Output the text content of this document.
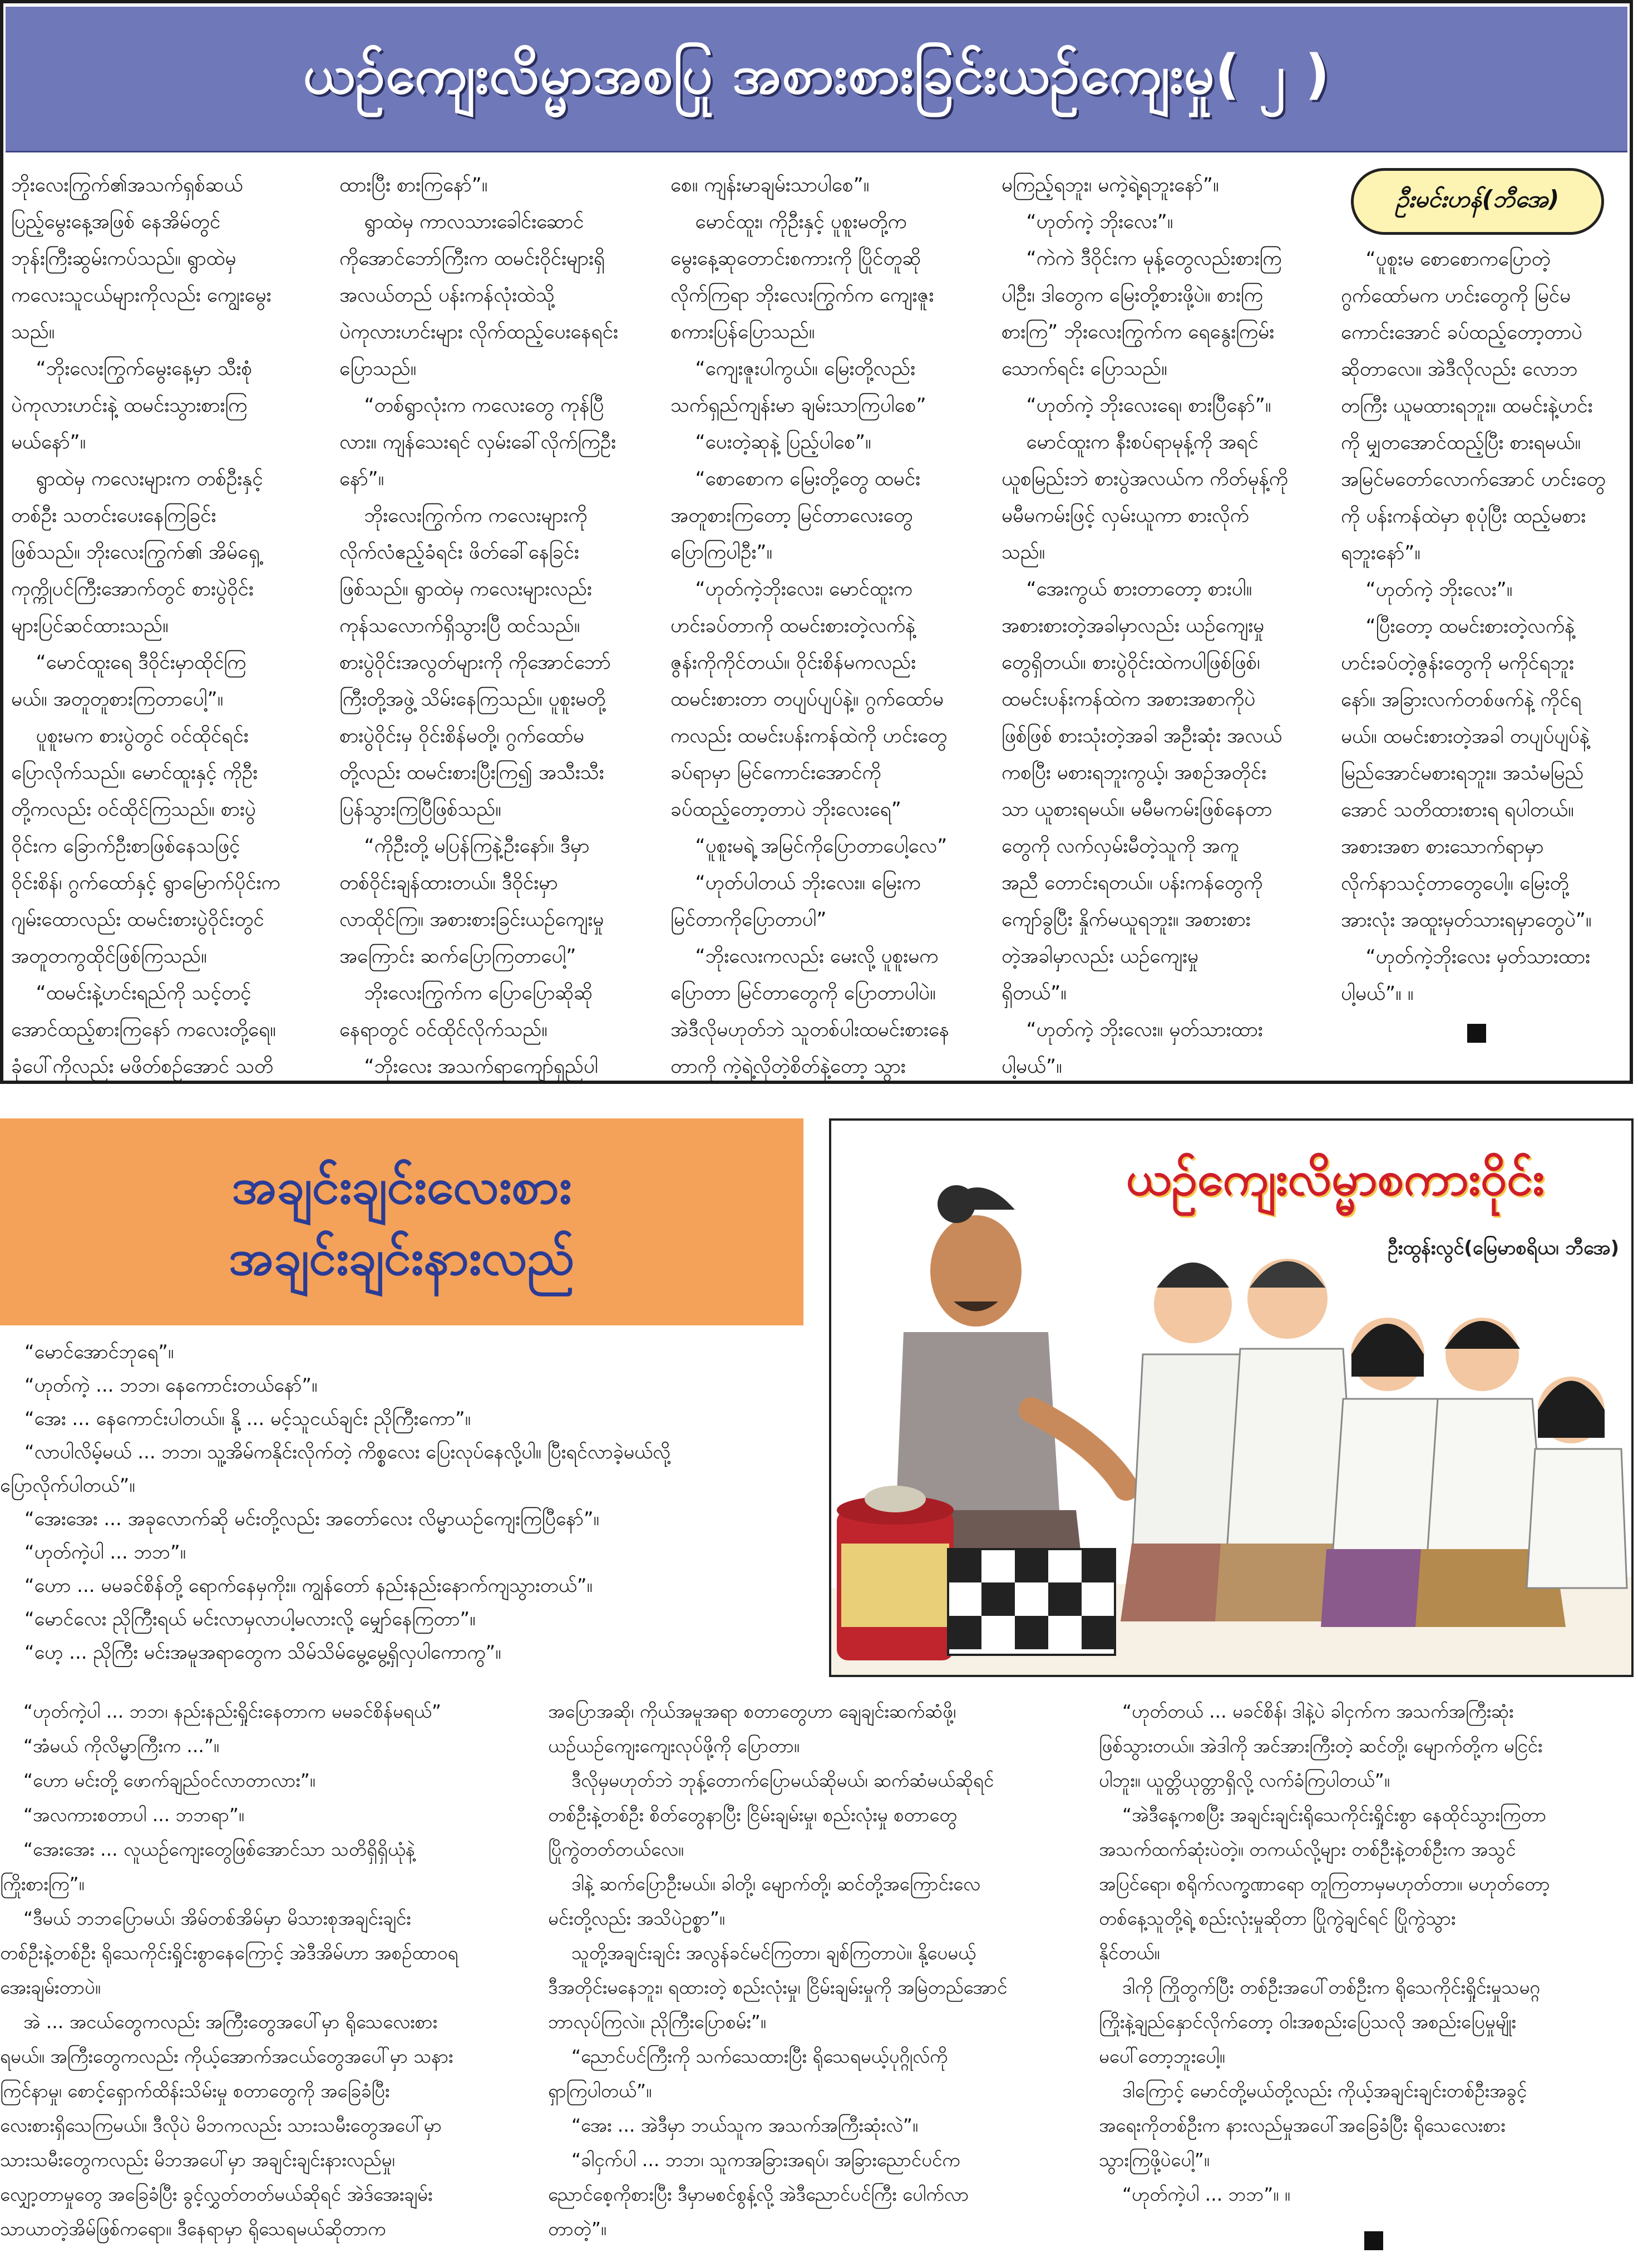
ယဉ်ကျေးလိမ္မာအစပြု အစားစားခြင်းယဉ်ကျေးမှု( ၂ )
ဘိုးလေးကြွက်၏အသက်ရှစ်ဆယ်
ပြည့်မွေးနေ့အဖြစ် နေအိမ်တွင်
ဘုန်းကြီးဆွမ်းကပ်သည်။ ရွာထဲမှ
ကလေးသူငယ်များကိုလည်း ကျွေးမွေး
သည်။
“ဘိုးလေးကြွက်မွေးနေ့မှာ သီးစုံ
ပဲကုလားဟင်းနဲ့ ထမင်းသွားစားကြ
မယ်နော်”။
ရွာထဲမှ ကလေးများက တစ်ဦးနှင့်
တစ်ဦး သတင်းပေးနေကြခြင်း
ဖြစ်သည်။ ဘိုးလေးကြွက်၏ အိမ်ရှေ့
ကုက္ကိုပင်ကြီးအောက်တွင် စားပွဲဝိုင်း
များပြင်ဆင်ထားသည်။
“မောင်ထူးရေ ဒီဝိုင်းမှာထိုင်ကြ
မယ်။ အတူတူစားကြတာပေါ့”။
ပူစူးမက စားပွဲတွင် ဝင်ထိုင်ရင်း
ပြောလိုက်သည်။ မောင်ထူးနှင့် ကိုဦး
တို့ကလည်း ဝင်ထိုင်ကြသည်။ စားပွဲ
ဝိုင်းက ခြောက်ဦးစာဖြစ်နေသဖြင့်
ဝိုင်းစိန်၊ ဂွက်ထော်နှင့် ရွာမြောက်ပိုင်းက
ဂျမ်းထောလည်း ထမင်းစားပွဲဝိုင်းတွင်
အတူတကွထိုင်ဖြစ်ကြသည်။
“ထမင်းနဲ့ဟင်းရည်ကို သင့်တင့်
အောင်ထည့်စားကြနော် ကလေးတို့ရေ။
ခုံပေါ်ကိုလည်း မဖိတ်စဉ်အောင် သတိ
ထားပြီး စားကြနော်”။
ရွာထဲမှ ကာလသားခေါင်းဆောင်
ကိုအောင်ဘော်ကြီးက ထမင်းဝိုင်းများရှိ
အလယ်တည် ပန်းကန်လုံးထဲသို့
ပဲကုလားဟင်းများ လိုက်ထည့်ပေးနေရင်း
ပြောသည်။
“တစ်ရွာလုံးက ကလေးတွေ ကုန်ပြီ
လား။ ကျန်သေးရင် လှမ်းခေါ်လိုက်ကြဦး
နော်”။
ဘိုးလေးကြွက်က ကလေးများကို
လိုက်လံဧည့်ခံရင်း ဖိတ်ခေါ်နေခြင်း
ဖြစ်သည်။ ရွာထဲမှ ကလေးများလည်း
ကုန်သလောက်ရှိသွားပြီ ထင်သည်။
စားပွဲဝိုင်းအလွတ်များကို ကိုအောင်ဘော်
ကြီးတို့အဖွဲ့ သိမ်းနေကြသည်။ ပူစူးမတို့
စားပွဲဝိုင်းမှ ဝိုင်းစိန်မတို့၊ ဂွက်ထော်မ
တို့လည်း ထမင်းစားပြီးကြ၍ အသီးသီး
ပြန်သွားကြပြီဖြစ်သည်။
“ကိုဦးတို့ မပြန်ကြနဲ့ဦးနော်။ ဒီမှာ
တစ်ဝိုင်းချန်ထားတယ်။ ဒီဝိုင်းမှာ
လာထိုင်ကြ။ အစားစားခြင်းယဉ်ကျေးမှု
အကြောင်း ဆက်ပြောကြတာပေါ့”
ဘိုးလေးကြွက်က ပြောပြောဆိုဆို
နေရာတွင် ဝင်ထိုင်လိုက်သည်။
“ဘိုးလေး အသက်ရာကျော်ရှည်ပါ
စေ။ ကျန်းမာချမ်းသာပါစေ”။
မောင်ထူး၊ ကိုဦးနှင့် ပူစူးမတို့က
မွေးနေ့ဆုတောင်းစကားကို ပြိုင်တူဆို
လိုက်ကြရာ ဘိုးလေးကြွက်က ကျေးဇူး
စကားပြန်ပြောသည်။
“ကျေးဇူးပါကွယ်။ မြေးတို့လည်း
သက်ရှည်ကျန်းမာ ချမ်းသာကြပါစေ”
“ပေးတဲ့ဆုနဲ့ ပြည့်ပါစေ”။
“စောစောက မြေးတို့တွေ ထမင်း
အတူစားကြတော့ မြင်တာလေးတွေ
ပြောကြပါဦး”။
“ဟုတ်ကဲ့ဘိုးလေး၊ မောင်ထူးက
ဟင်းခပ်တာကို ထမင်းစားတဲ့လက်နဲ့
ဇွန်းကိုကိုင်တယ်။ ဝိုင်းစိန်မကလည်း
ထမင်းစားတာ တပျပ်ပျပ်နဲ့။ ဂွက်ထော်မ
ကလည်း ထမင်းပန်းကန်ထဲကို ဟင်းတွေ
ခပ်ရာမှာ မြင်ကောင်းအောင်ကို
ခပ်ထည့်တော့တာပဲ ဘိုးလေးရေ”
“ပူစူးမရဲ့ အမြင်ကိုပြောတာပေါ့လေ”
“ဟုတ်ပါတယ် ဘိုးလေး။ မြေးက
မြင်တာကိုပြောတာပါ”
“ဘိုးလေးကလည်း မေးလို့ ပူစူးမက
ပြောတာ မြင်တာတွေကို ပြောတာပါပဲ။
အဲဒီလိုမဟုတ်ဘဲ သူတစ်ပါးထမင်းစားနေ
တာကို ကဲ့ရဲ့လိုတဲ့စိတ်နဲ့တော့ သွား
မကြည့်ရဘူး၊ မကဲ့ရဲ့ရဘူးနော်”။
“ဟုတ်ကဲ့ ဘိုးလေး”။
“ကဲကဲ ဒီဝိုင်းက မုန့်တွေလည်းစားကြ
ပါဦး၊ ဒါတွေက မြေးတို့စားဖို့ပဲ။ စားကြ
စားကြ” ဘိုးလေးကြွက်က ရေနွေးကြမ်း
သောက်ရင်း ပြောသည်။
“ဟုတ်ကဲ့ ဘိုးလေးရေ၊ စားပြီနော်”။
မောင်ထူးက နီးစပ်ရာမုန့်ကို အရင်
ယူစမြည်းဘဲ စားပွဲအလယ်က ကိတ်မုန့်ကို
မမီမကမ်းဖြင့် လှမ်းယူကာ စားလိုက်
သည်။
“အေးကွယ် စားတာတော့ စားပါ။
အစားစားတဲ့အခါမှာလည်း ယဉ်ကျေးမှု
တွေရှိတယ်။ စားပွဲဝိုင်းထဲကပါဖြစ်ဖြစ်၊
ထမင်းပန်းကန်ထဲက အစားအစာကိုပဲ
ဖြစ်ဖြစ် စားသုံးတဲ့အခါ အဦးဆုံး အလယ်
ကစပြီး မစားရဘူးကွယ့်၊ အစဉ်အတိုင်း
သာ ယူစားရမယ်။ မမီမကမ်းဖြစ်နေတာ
တွေကို လက်လှမ်းမီတဲ့သူကို အကူ
အညီ တောင်းရတယ်။ ပန်းကန်တွေကို
ကျော်ခွပြီး နှိုက်မယူရဘူး။ အစားစား
တဲ့အခါမှာလည်း ယဉ်ကျေးမှု
ရှိတယ်”။
“ဟုတ်ကဲ့ ဘိုးလေး။ မှတ်သားထား
ပါ့မယ်”။
ဦးမင်းဟန်(ဘီအေ)
“ပူစူးမ စောစောကပြောတဲ့
ဂွက်ထော်မက ဟင်းတွေကို မြင်မ
ကောင်းအောင် ခပ်ထည့်တော့တာပဲ
ဆိုတာလေ။ အဲဒီလိုလည်း လောဘ
တကြီး ယူမထားရဘူး။ ထမင်းနဲ့ဟင်း
ကို မျှတအောင်ထည့်ပြီး စားရမယ်။
အမြင်မတော်လောက်အောင် ဟင်းတွေ
ကို ပန်းကန်ထဲမှာ စုပုံပြီး ထည့်မစား
ရဘူးနော်”။
“ဟုတ်ကဲ့ ဘိုးလေး”။
“ပြီးတော့ ထမင်းစားတဲ့လက်နဲ့
ဟင်းခပ်တဲ့ဇွန်းတွေကို မကိုင်ရဘူး
နော်။ အခြားလက်တစ်ဖက်နဲ့ ကိုင်ရ
မယ်။ ထမင်းစားတဲ့အခါ တပျပ်ပျပ်နဲ့
မြည်အောင်မစားရဘူး။ အသံမမြည်
အောင် သတိထားစားရ ရပါတယ်။
အစားအစာ စားသောက်ရာမှာ
လိုက်နာသင့်တာတွေပေါ့။ မြေးတို့
အားလုံး အထူးမှတ်သားရမှာတွေပဲ”။
“ဟုတ်ကဲ့ဘိုးလေး မှတ်သားထား
ပါ့မယ်”။ ။
အချင်းချင်းလေးစား
အချင်းချင်းနားလည်
ယဉ်ကျေးလိမ္မာစကားဝိုင်း
ဦးထွန်းလွင်(မြေမာစရိယ၊ ဘီအေ)
“မောင်အောင်ဘုရေ”။
“ဟုတ်ကဲ့ ... ဘဘ၊ နေကောင်းတယ်နော်”။
“အေး ... နေကောင်းပါတယ်။ နို့ ... မင့်သူငယ်ချင်း ညိုကြီးကော”။
“လာပါလိမ့်မယ် ... ဘဘ၊ သူ့အိမ်ကနိုင်းလိုက်တဲ့ ကိစ္စလေး ပြေးလုပ်နေလို့ပါ။ ပြီးရင်လာခဲ့မယ်လို့
ပြောလိုက်ပါတယ်”။
“အေးအေး ... အခုလောက်ဆို မင်းတို့လည်း အတော်လေး လိမ္မာယဉ်ကျေးကြပြီနော်”။
“ဟုတ်ကဲ့ပါ ... ဘဘ”။
“ဟော ... မမခင်စိန်တို့ ရောက်နေမှကိုး။ ကျွန်တော် နည်းနည်းနောက်ကျသွားတယ်”။
“မောင်လေး ညိုကြီးရယ် မင်းလာမှလာပါ့မလားလို့ မျှော်နေကြတာ”။
“ဟေ့ ... ညိုကြီး မင်းအမူအရာတွေက သိမ်သိမ်မွေ့မွေ့ရှိလှပါကောကွ”။
“ဟုတ်ကဲ့ပါ ... ဘဘ၊ နည်းနည်းရှိုင်းနေတာက မမခင်စိန်မရယ်”
“အံမယ် ကိုလိမ္မာကြီးက ...”။
“ဟော မင်းတို့ ဖောက်ချည်ဝင်လာတာလား”။
“အလကားစတာပါ ... ဘဘရာ”။
“အေးအေး ... လူယဉ်ကျေးတွေဖြစ်အောင်သာ သတိရှိရှိယုံနဲ့
ကြိုးစားကြ”။
“ဒီမယ် ဘဘပြောမယ်၊ အိမ်တစ်အိမ်မှာ မိသားစုအချင်းချင်း
တစ်ဦးနဲ့တစ်ဦး ရိုသေကိုင်းရှိုင်းစွာနေကြောင့် အဲဒီအိမ်ဟာ အစဉ်ထာဝရ
အေးချမ်းတာပဲ။
အဲ ... အငယ်တွေကလည်း အကြီးတွေအပေါ်မှာ ရိုသေလေးစား
ရမယ်။ အကြီးတွေကလည်း ကိုယ့်အောက်အငယ်တွေအပေါ်မှာ သနား
ကြင်နာမှု၊ စောင့်ရှောက်ထိန်းသိမ်းမှု စတာတွေကို အခြေခံပြီး
လေးစားရှိသေကြမယ်။ ဒီလိုပဲ မိဘကလည်း သားသမီးတွေအပေါ်မှာ
သားသမီးတွေကလည်း မိဘအပေါ်မှာ အချင်းချင်းနားလည်မှု၊
လျှော့တာမှုတွေ အခြေခံပြီး ခွင့်လွှတ်တတ်မယ်ဆိုရင် အဲဒ်အေးချမ်း
သာယာတဲ့အိမ်ဖြစ်ကရော။ ဒီနေရာမှာ ရိုသေရမယ်ဆိုတာက
အပြောအဆို၊ ကိုယ်အမူအရာ စတာတွေဟာ ချေချင်းဆက်ဆံဖို့၊
ယဉ်ယဉ်ကျေးကျေးလုပ်ဖို့ကို ပြောတာ။
ဒီလိုမှမဟုတ်ဘဲ ဘုန့်တောက်ပြောမယ်ဆိုမယ်၊ ဆက်ဆံမယ်ဆိုရင်
တစ်ဦးနဲ့တစ်ဦး စိတ်တွေနာပြီး ငြိမ်းချမ်းမှု၊ စည်းလုံးမှု စတာတွေ
ပြိုကွဲတတ်တယ်လေ။
ဒါနဲ့ ဆက်ပြောဦးမယ်။ ခါတို့၊ မျောက်တို့၊ ဆင်တို့အကြောင်းလေ
မင်းတို့လည်း အသိပဲဥစ္စာ”။
သူတို့အချင်းချင်း အလွန်ခင်မင်ကြတာ၊ ချစ်ကြတာပဲ။ နို့ပေမယ့်
ဒီအတိုင်းမနေဘူး၊ ရထားတဲ့ စည်းလုံးမှု၊ ငြိမ်းချမ်းမှုကို အမြဲတည်အောင်
ဘာလုပ်ကြလဲ။ ညိုကြီးပြောစမ်း”။
“ညောင်ပင်ကြီးကို သက်သေထားပြီး ရိုသေရမယ့်ပုဂ္ဂိုလ်ကို
ရှာကြပါတယ်”။
“အေး ... အဲဒီမှာ ဘယ်သူက အသက်အကြီးဆုံးလဲ”။
“ခါငှက်ပါ ... ဘဘ၊ သူကအခြားအရပ်၊ အခြားညောင်ပင်က
ညောင်စေ့ကိုစားပြီး ဒီမှာမစင်စွန့်လို့ အဲဒီညောင်ပင်ကြီး ပေါက်လာ
တာတဲ့”။
“ဟုတ်တယ် ... မခင်စိန်၊ ဒါနဲ့ပဲ ခါငှက်က အသက်အကြီးဆုံး
ဖြစ်သွားတယ်။ အဲဒါကို အင်အားကြီးတဲ့ ဆင်တို့၊ မျောက်တို့က မငြင်း
ပါဘူး။ ယူတ္တိယုတ္တာရှိလို့ လက်ခံကြပါတယ်”။
“အဲဒီနေ့ကစပြီး အချင်းချင်းရိုသေကိုင်းရှိုင်းစွာ နေထိုင်သွားကြတာ
အသက်ထက်ဆုံးပဲတဲ့။ တကယ်လို့များ တစ်ဦးနဲ့တစ်ဦးက အသွင်
အပြင်ရော၊ စရိုက်လက္ခဏာရော တူကြတာမှမဟုတ်တာ။ မဟုတ်တော့
တစ်နေ့သူတို့ရဲ့ စည်းလုံးမှုဆိုတာ ပြိုကွဲချင်ရင် ပြိုကွဲသွား
နိုင်တယ်။
ဒါကို ကြိုတွက်ပြီး တစ်ဦးအပေါ်တစ်ဦးက ရိုသေကိုင်းရှိုင်းမှုသမဂ္ဂ
ကြိုးနဲ့ချည်နှောင်လိုက်တော့ ဝါးအစည်းပြေသလို အစည်းပြေမှုမျိုး
မပေါ်တော့ဘူးပေါ့။
ဒါကြောင့် မောင်တို့မယ်တို့လည်း ကိုယ့်အချင်းချင်းတစ်ဦးအခွင့်
အရေးကိုတစ်ဦးက နားလည်မှုအပေါ်အခြေခံပြီး ရိုသေလေးစား
သွားကြဖို့ပဲပေါ့”။
“ဟုတ်ကဲ့ပါ ... ဘဘ”။ ။
